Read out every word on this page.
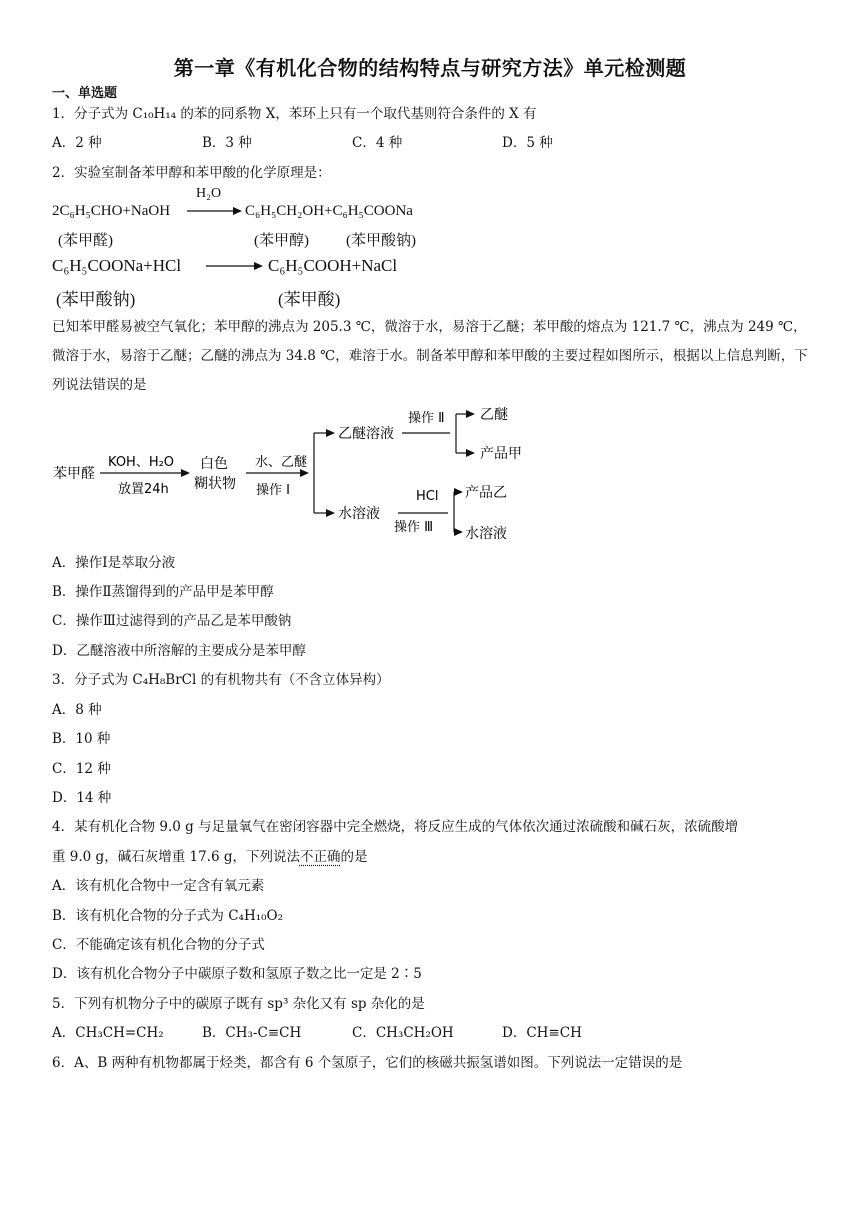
第一章《有机化合物的结构特点与研究方法》单元检测题
一、单选题
1．分子式为 C₁₀H₁₄ 的苯的同系物 X，苯环上只有一个取代基则符合条件的 X 有
A．2 种	B．3 种	C．4 种	D．5 种
2．实验室制备苯甲醇和苯甲酸的化学原理是：
2C₆H₅CHO+NaOH
H₂O
C₆H₅CH₂OH+C₆H₅COONa
(苯甲醛)	(苯甲醇) (苯甲酸钠)
C₆H₅COONa+HCl	C₆H₅COOH+NaCl
(苯甲酸钠)	(苯甲酸)
已知苯甲醛易被空气氧化；苯甲醇的沸点为 205.3 ℃，微溶于水，易溶于乙醚；苯甲酸的熔点为 121.7 ℃，沸点为 249 ℃，微溶于水，易溶于乙醚；乙醚的沸点为 34.8 ℃，难溶于水。制备苯甲醇和苯甲酸的主要过程如图所示，根据以上信息判断，下列说法错误的是
苯甲醛
KOH、H₂O
放置24h
白色
糊状物
水、乙醚
操作 Ⅰ
乙醚溶液
操作 Ⅱ	乙醚
产品甲
水溶液
HCl
操作 Ⅲ
产品乙
水溶液
A．操作Ⅰ是萃取分液
B．操作Ⅱ蒸馏得到的产品甲是苯甲醇
C．操作Ⅲ过滤得到的产品乙是苯甲酸钠
D．乙醚溶液中所溶解的主要成分是苯甲醇
3．分子式为 C₄H₈BrCl 的有机物共有（不含立体异构）
A．8 种
B．10 种
C．12 种
D．14 种
4．某有机化合物 9.0 g 与足量氧气在密闭容器中完全燃烧，将反应生成的气体依次通过浓硫酸和碱石灰，浓硫酸增
重 9.0 g，碱石灰增重 17.6 g，下列说法不正确的是
A．该有机化合物中一定含有氧元素
B．该有机化合物的分子式为 C₄H₁₀O₂
C．不能确定该有机化合物的分子式
D．该有机化合物分子中碳原子数和氢原子数之比一定是 2∶5
5．下列有机物分子中的碳原子既有 sp³ 杂化又有 sp 杂化的是
A．CH₃CH=CH₂	B．CH₃-C≡CH	C．CH₃CH₂OH	D．CH≡CH
6．A、B 两种有机物都属于烃类，都含有 6 个氢原子，它们的核磁共振氢谱如图。下列说法一定错误的是
